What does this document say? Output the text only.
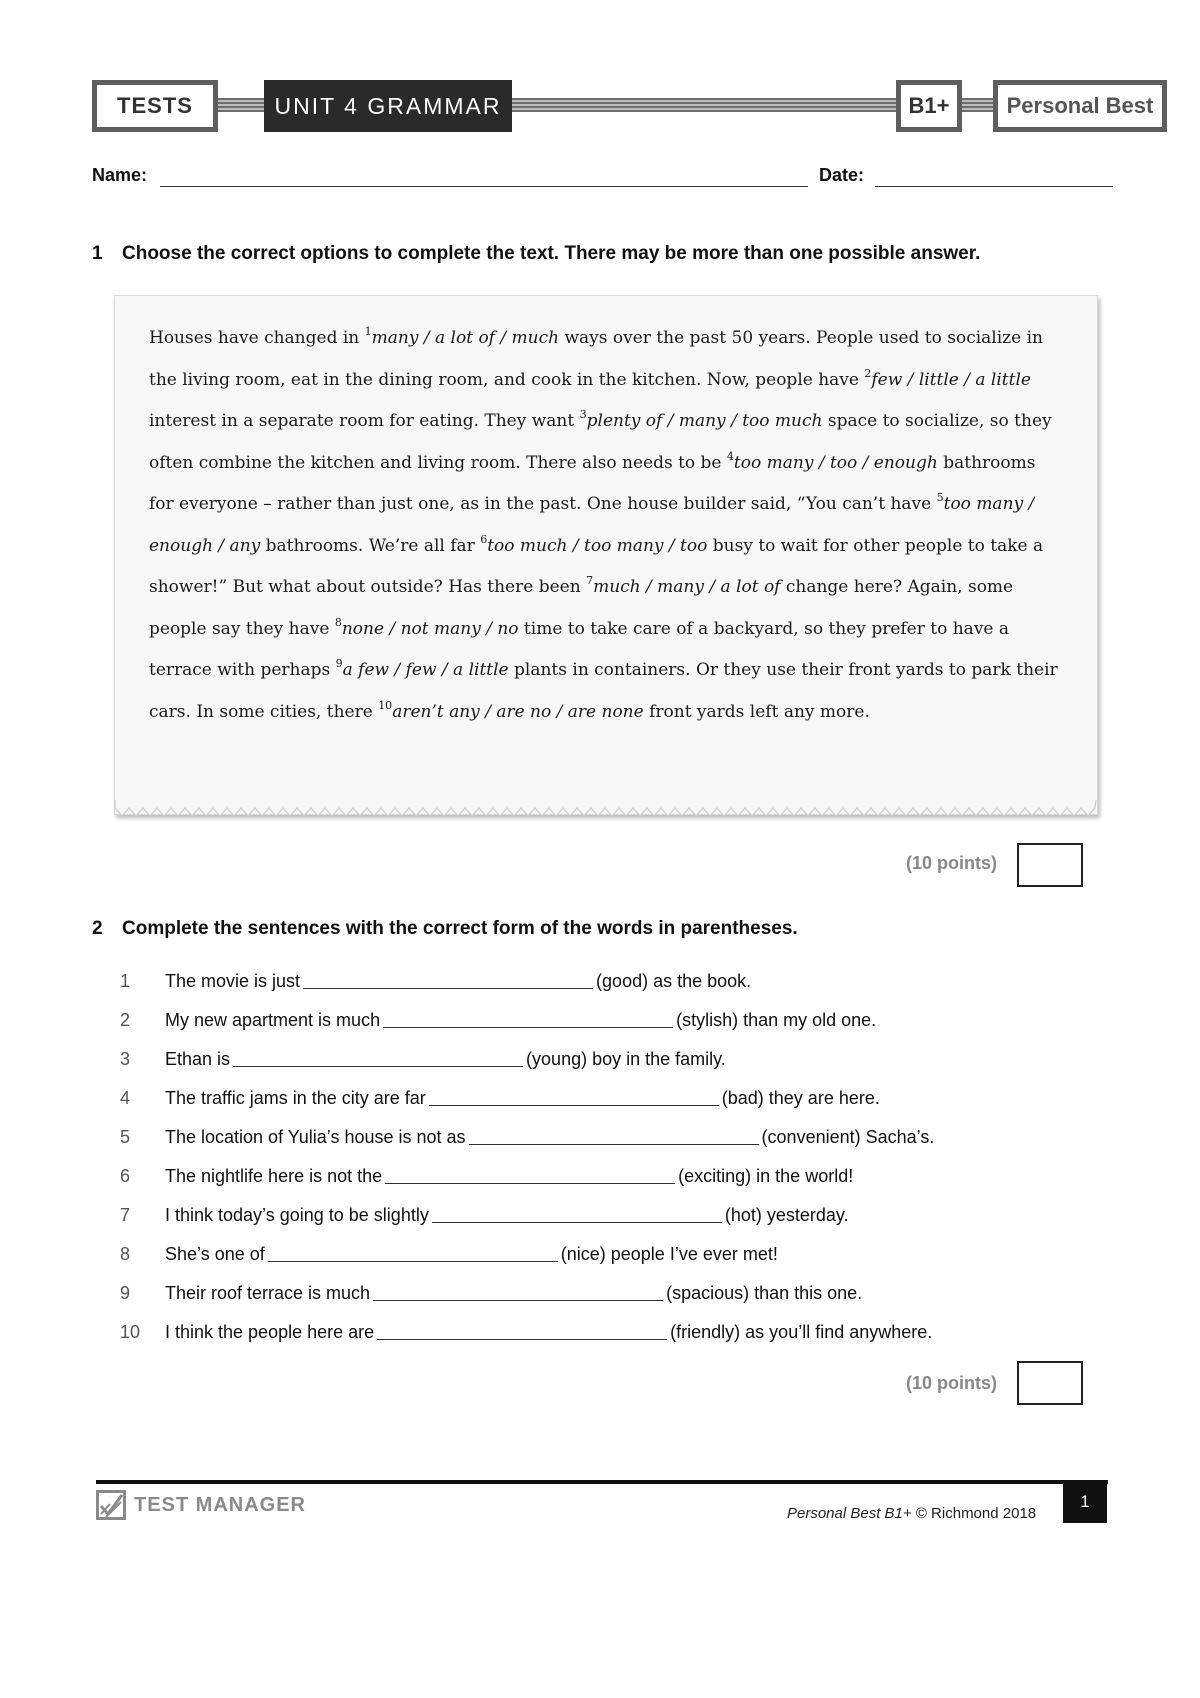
TESTS	UNIT 4 GRAMMAR	B1+	Personal Best
Name:	Date:
1 Choose the correct options to complete the text. There may be more than one possible answer.
Houses have changed in $^1$many / a lot of / much ways over the past 50 years. People used to socialize in the living room, eat in the dining room, and cook in the kitchen. Now, people have $^2$few / little / a little interest in a separate room for eating. They want $^3$plenty of / many / too much space to socialize, so they often combine the kitchen and living room. There also needs to be $^4$too many / too / enough bathrooms for everyone – rather than just one, as in the past. One house builder said, “You can’t have $^5$too many / enough / any bathrooms. We’re all far $^6$too much / too many / too busy to wait for other people to take a shower!” But what about outside? Has there been $^7$much / many / a lot of change here? Again, some people say they have $^8$none / not many / no time to take care of a backyard, so they prefer to have a terrace with perhaps $^9$a few / few / a little plants in containers. Or they use their front yards to park their cars. In some cities, there $^{10}$aren’t any / are no / are none front yards left any more.
(10 points)
2 Complete the sentences with the correct form of the words in parentheses.
1	The movie is just	(good) as the book.
2	My new apartment is much	(stylish) than my old one.
3	Ethan is	(young) boy in the family.
4	The traffic jams in the city are far	(bad) they are here.
5	The location of Yulia’s house is not as	(convenient) Sacha’s.
6	The nightlife here is not the	(exciting) in the world!
7	I think today’s going to be slightly	(hot) yesterday.
8	She’s one of	(nice) people I’ve ever met!
9	Their roof terrace is much	(spacious) than this one.
10	I think the people here are	(friendly) as you’ll find anywhere.
(10 points)
TEST MANAGER	Personal Best B1+ © Richmond 2018
1
